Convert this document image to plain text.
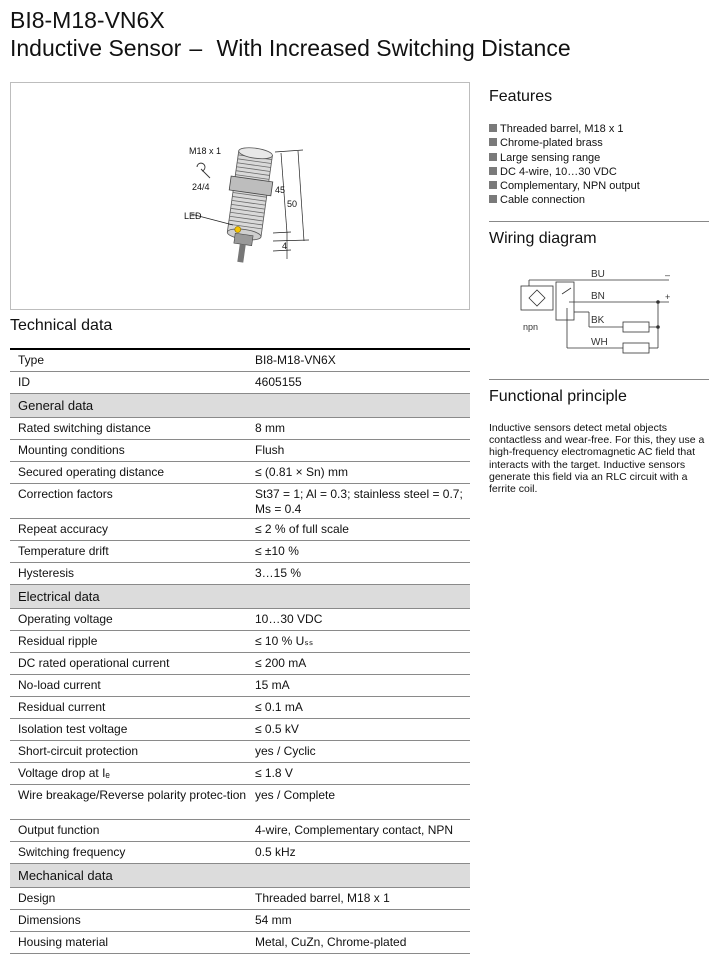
BI8-M18-VN6X
Inductive Sensor – With Increased Switching Distance
M18 x 1
24/4
LED
45
50
4
Technical data
Type	BI8-M18-VN6X
ID	4605155
General data	
Rated switching distance	8 mm
Mounting conditions	Flush
Secured operating distance	≤ (0.81 × Sn) mm
Correction factors	St37 = 1; Al = 0.3; stainless steel = 0.7; Ms = 0.4
Repeat accuracy	≤ 2 % of full scale
Temperature drift	≤ ±10 %
Hysteresis	3…15 %
Electrical data	
Operating voltage	10…30 VDC
Residual ripple	≤ 10 % Uₛₛ
DC rated operational current	≤ 200 mA
No-load current	15 mA
Residual current	≤ 0.1 mA
Isolation test voltage	≤ 0.5 kV
Short-circuit protection	yes / Cyclic
Voltage drop at Iₑ	≤ 1.8 V
Wire breakage/Reverse polarity protec-tion	yes / Complete
Output function	4-wire, Complementary contact, NPN
Switching frequency	0.5 kHz
Mechanical data	
Design	Threaded barrel, M18 x 1
Dimensions	54 mm
Housing material	Metal, CuZn, Chrome-plated
Features
Threaded barrel, M18 x 1
Chrome-plated brass
Large sensing range
DC 4-wire, 10…30 VDC
Complementary, NPN output
Cable connection
Wiring diagram
BU
BN
BK
WH
–
+
npn
Functional principle

Inductive sensors detect metal objects contactless and wear-free. For this, they use a high-frequency electromagnetic AC field that interacts with the target. Inductive sensors generate this field via an RLC circuit with a ferrite coil.
